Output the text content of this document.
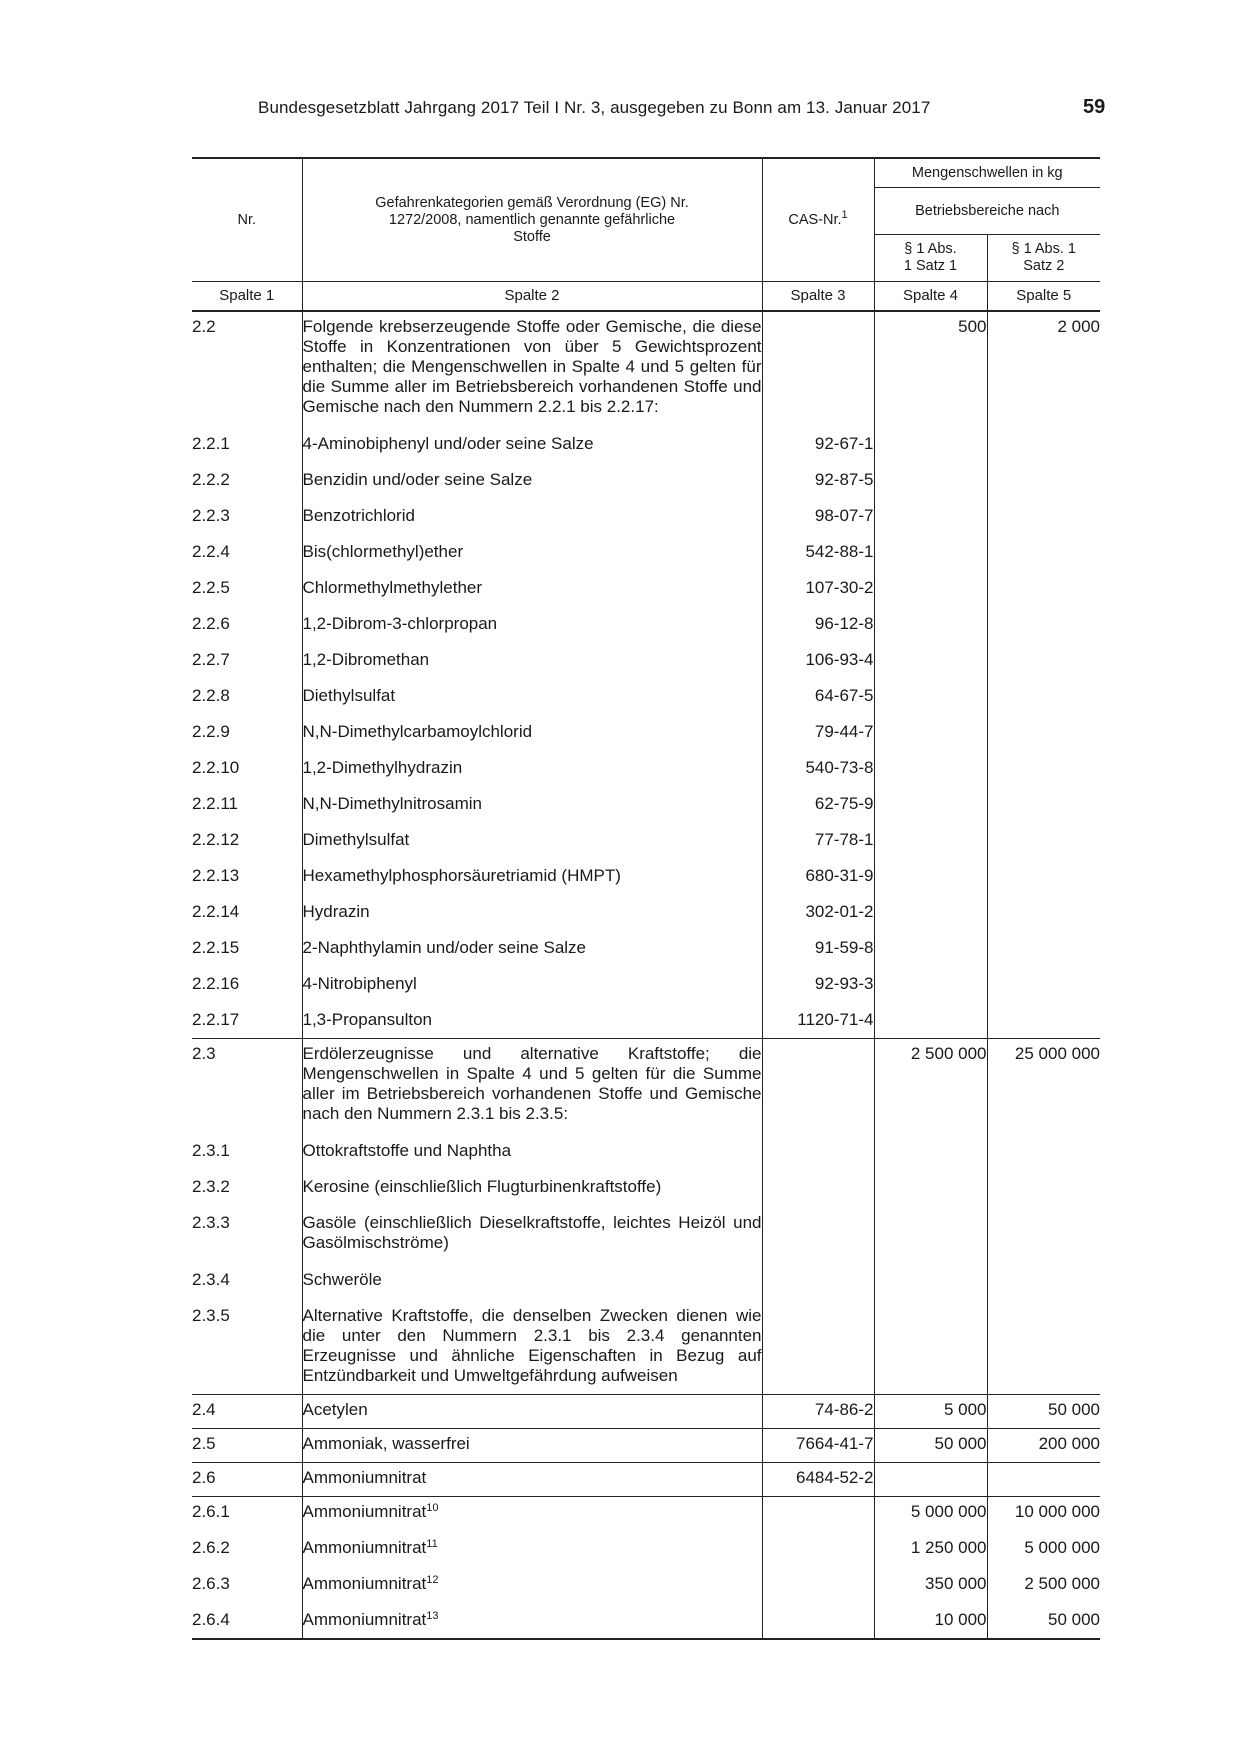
Bundesgesetzblatt Jahrgang 2017 Teil I Nr. 3, ausgegeben zu Bonn am 13. Januar 2017	59
Nr.	Gefahrenkategorien gemäß Verordnung (EG) Nr. 1272/2008, namentlich genannte gefährliche Stoffe	CAS-Nr.$^1$	Mengenschwellen in kg	
			Betriebsbereiche nach	
			§ 1 Abs. 1 Satz 1	§ 1 Abs. 1 Satz 2
Spalte 1	Spalte 2	Spalte 3	Spalte 4	Spalte 5
2.2	Folgende krebserzeugende Stoffe oder Gemische, die diese Stoffe in Konzentrationen von über 5 Gewichtsprozent enthalten; die Mengenschwellen in Spalte 4 und 5 gelten für die Summe aller im Betriebsbereich vorhandenen Stoffe und Gemische nach den Nummern 2.2.1 bis 2.2.17:		500	2 000
2.2.1	4-Aminobiphenyl und/oder seine Salze	92-67-1		
2.2.2	Benzidin und/oder seine Salze	92-87-5		
2.2.3	Benzotrichlorid	98-07-7		
2.2.4	Bis(chlormethyl)ether	542-88-1		
2.2.5	Chlormethylmethylether	107-30-2		
2.2.6	1,2-Dibrom-3-chlorpropan	96-12-8		
2.2.7	1,2-Dibromethan	106-93-4		
2.2.8	Diethylsulfat	64-67-5		
2.2.9	N,N-Dimethylcarbamoylchlorid	79-44-7		
2.2.10	1,2-Dimethylhydrazin	540-73-8		
2.2.11	N,N-Dimethylnitrosamin	62-75-9		
2.2.12	Dimethylsulfat	77-78-1		
2.2.13	Hexamethylphosphorsäuretriamid (HMPT)	680-31-9		
2.2.14	Hydrazin	302-01-2		
2.2.15	2-Naphthylamin und/oder seine Salze	91-59-8		
2.2.16	4-Nitrobiphenyl	92-93-3		
2.2.17	1,3-Propansulton	1120-71-4		
2.3	Erdölerzeugnisse und alternative Kraftstoffe; die Mengenschwellen in Spalte 4 und 5 gelten für die Summe aller im Betriebsbereich vorhandenen Stoffe und Gemische nach den Nummern 2.3.1 bis 2.3.5:		2 500 000	25 000 000
2.3.1	Ottokraftstoffe und Naphtha			
2.3.2	Kerosine (einschließlich Flugturbinenkraftstoffe)			
2.3.3	Gasöle (einschließlich Dieselkraftstoffe, leichtes Heizöl und Gasölmischströme)			
2.3.4	Schweröle			
2.3.5	Alternative Kraftstoffe, die denselben Zwecken dienen wie die unter den Nummern 2.3.1 bis 2.3.4 genannten Erzeugnisse und ähnliche Eigenschaften in Bezug auf Entzündbarkeit und Umweltgefährdung aufweisen			
2.4	Acetylen	74-86-2	5 000	50 000
2.5	Ammoniak, wasserfrei	7664-41-7	50 000	200 000
2.6	Ammoniumnitrat	6484-52-2		
2.6.1	Ammoniumnitrat$^{10}$		5 000 000	10 000 000
2.6.2	Ammoniumnitrat$^{11}$		1 250 000	5 000 000
2.6.3	Ammoniumnitrat$^{12}$		350 000	2 500 000
2.6.4	Ammoniumnitrat$^{13}$		10 000	50 000
